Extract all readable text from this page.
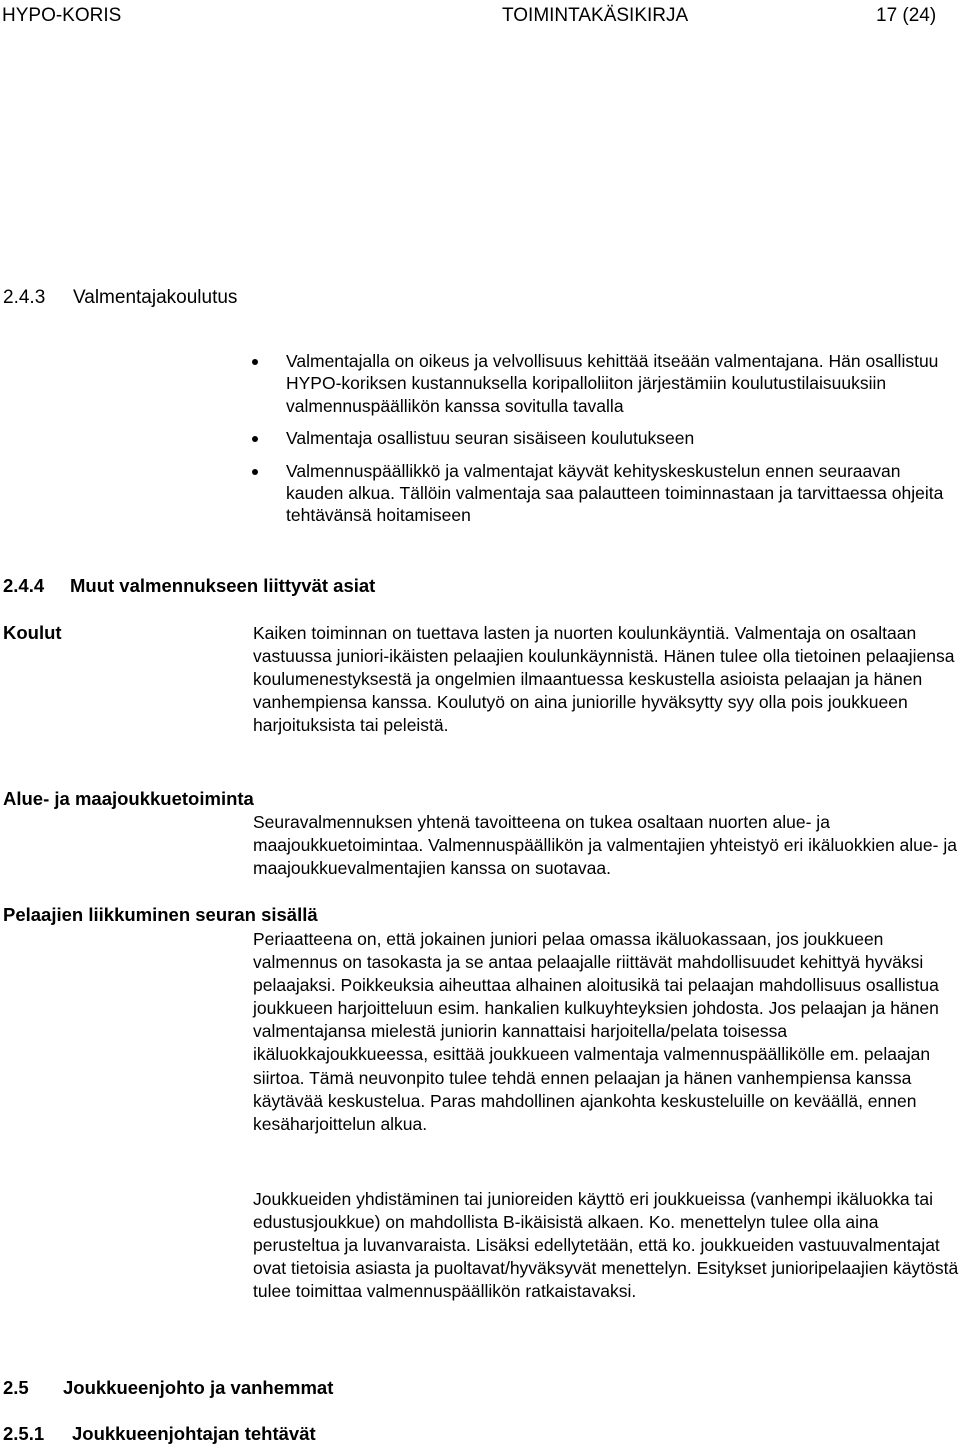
HYPO-KORIS	TOIMINTAKÄSIKIRJA	17 (24)
2.4.3 Valmentajakoulutus
Valmentajalla on oikeus ja velvollisuus kehittää itseään valmentajana. Hän osallistuu HYPO-koriksen kustannuksella koripalloliiton järjestämiin koulutustilaisuuksiin valmennuspäällikön kanssa sovitulla tavalla
Valmentaja osallistuu seuran sisäiseen koulutukseen
Valmennuspäällikkö ja valmentajat käyvät kehityskeskustelun ennen seuraavan kauden alkua. Tällöin valmentaja saa palautteen toiminnastaan ja tarvittaessa ohjeita tehtävänsä hoitamiseen
2.4.4 Muut valmennukseen liittyvät asiat
Koulut	Kaiken toiminnan on tuettava lasten ja nuorten koulunkäyntiä. Valmentaja on osaltaan vastuussa juniori-ikäisten pelaajien koulunkäynnistä. Hänen tulee olla tietoinen pelaajiensa koulumenestyksestä ja ongelmien ilmaantuessa keskustella asioista pelaajan ja hänen vanhempiensa kanssa. Koulutyö on aina juniorille hyväksytty syy olla pois joukkueen harjoituksista tai peleistä.

Alue- ja maajoukkuetoiminta

Seuravalmennuksen yhtenä tavoitteena on tukea osaltaan nuorten alue- ja maajoukkuetoimintaa. Valmennuspäällikön ja valmentajien yhteistyö eri ikäluokkien alue- ja maajoukkuevalmentajien kanssa on suotavaa.

Pelaajien liikkuminen seuran sisällä

Periaatteena on, että jokainen juniori pelaa omassa ikäluokassaan, jos joukkueen valmennus on tasokasta ja se antaa pelaajalle riittävät mahdollisuudet kehittyä hyväksi pelaajaksi. Poikkeuksia aiheuttaa alhainen aloitusikä tai pelaajan mahdollisuus osallistua joukkueen harjoitteluun esim. hankalien kulkuyhteyksien johdosta. Jos pelaajan ja hänen valmentajansa mielestä juniorin kannattaisi harjoitella/pelata toisessa ikäluokkajoukkueessa, esittää joukkueen valmentaja valmennuspäällikölle em. pelaajan siirtoa. Tämä neuvonpito tulee tehdä ennen pelaajan ja hänen vanhempiensa kanssa käytävää keskustelua. Paras mahdollinen ajankohta keskusteluille on keväällä, ennen kesäharjoittelun alkua.

Joukkueiden yhdistäminen tai junioreiden käyttö eri joukkueissa (vanhempi ikäluokka tai edustusjoukkue) on mahdollista B-ikäisistä alkaen. Ko. menettelyn tulee olla aina perusteltua ja luvanvaraista. Lisäksi edellytetään, että ko. joukkueiden vastuuvalmentajat ovat tietoisia asiasta ja puoltavat/hyväksyvät menettelyn. Esitykset junioripelaajien käytöstä tulee toimittaa valmennuspäällikön ratkaistavaksi.

2.5 Joukkueenjohto ja vanhemmat
2.5.1 Joukkueenjohtajan tehtävät
